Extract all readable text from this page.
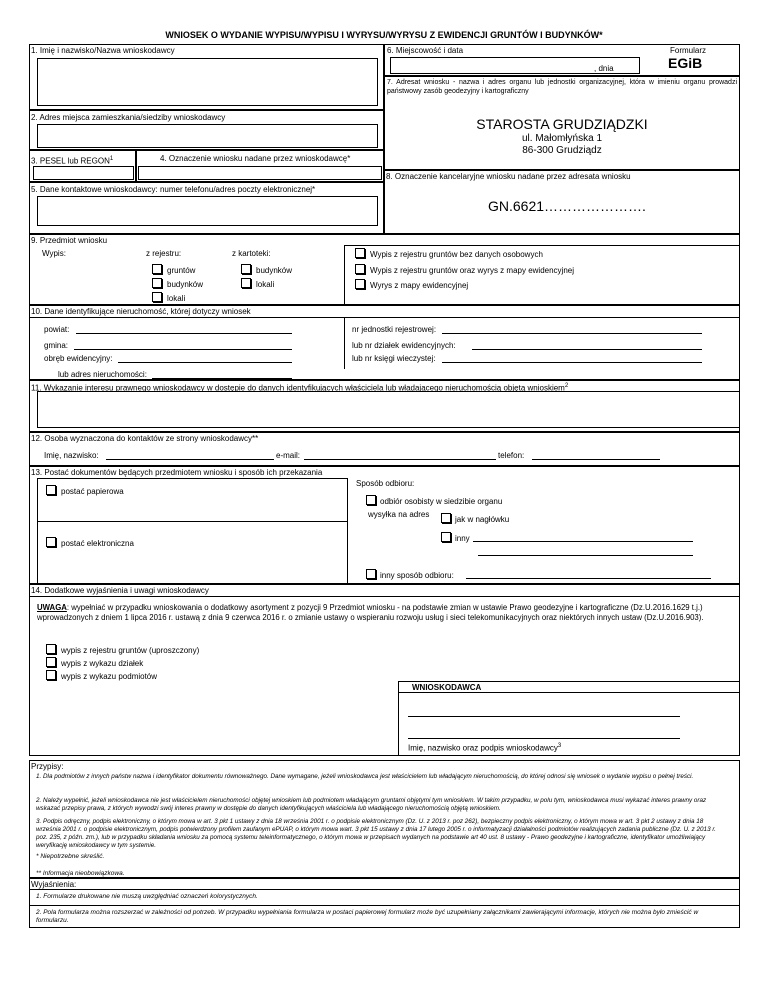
WNIOSEK O WYDANIE WYPISU/WYPISU I WYRYSU/WYRYSU Z EWIDENCJI GRUNTÓW I BUDYNKÓW*
1. Imię i nazwisko/Nazwa wnioskodawcy	6. Miejscowość i data
, dnia
Formularz
EGiB
7. Adresat wniosku - nazwa i adres organu lub jednostki organizacyjnej, która w imieniu organu prowadzi państwowy zasób geodezyjny i kartograficzny
STAROSTA GRUDZIĄDZKI
ul. Małomłyńska 1
86-300 Grudziądz
2. Adres miejsca zamieszkania/siedziby wnioskodawcy
3. PESEL lub REGON$^1$	4. Oznaczenie wniosku nadane przez wnioskodawcę*
8. Oznaczenie kancelaryjne wniosku nadane przez adresata wniosku
GN.6621………………….
5. Dane kontaktowe wnioskodawcy: numer telefonu/adres poczty elektronicznej*
9. Przedmiot wniosku
Wypis:	z rejestru:	z kartoteki:
gruntów
budynków
lokali
budynków
lokali
Wypis z rejestru gruntów bez danych osobowych
Wypis z rejestru gruntów oraz wyrys z mapy ewidencyjnej
Wyrys z mapy ewidencyjnej
10. Dane identyfikujące nieruchomość, której dotyczy wniosek
powiat:
gmina:
obręb ewidencyjny:
lub adres nieruchomości:
nr jednostki rejestrowej:
lub nr działek ewidencyjnych:
lub nr księgi wieczystej:
11. Wykazanie interesu prawnego wnioskodawcy w dostępie do danych identyfikujących właściciela lub władającego nieruchomością objętą wnioskiem$^2$
12. Osoba wyznaczona do kontaktów ze strony wnioskodawcy**
Imię, nazwisko:	e-mail:	telefon:
13. Postać dokumentów będących przedmiotem wniosku i sposób ich przekazania
postać papierowa
postać elektroniczna
Sposób odbioru:
odbiór osobisty w siedzibie organu
wysyłka na adres
jak w nagłówku
inny
inny sposób odbioru:
14. Dodatkowe wyjaśnienia i uwagi wnioskodawcy
UWAGA: wypełniać w przypadku wnioskowania o dodatkowy asortyment z pozycji 9 Przedmiot wniosku - na podstawie zmian w ustawie Prawo geodezyjne i kartograficzne (Dz.U.2016.1629 t.j.) wprowadzonych z dniem 1 lipca 2016 r. ustawą z dnia 9 czerwca 2016 r. o zmianie ustawy o wspieraniu rozwoju usług i sieci telekomunikacyjnych oraz niektórych innych ustaw (Dz.U.2016.903).
wypis z rejestru gruntów (uproszczony)
wypis z wykazu działek
wypis z wykazu podmiotów
WNIOSKODAWCA
Imię, nazwisko oraz podpis wnioskodawcy$^3$
Przypisy:
1. Dla podmiotów z innych państw nazwa i identyfikator dokumentu równoważnego. Dane wymagane, jeżeli wnioskodawca jest właścicielem lub władającym nieruchomością, do której odnosi się wniosek o wydanie wypisu o pełnej treści.
2. Należy wypełnić, jeżeli wnioskodawca nie jest właścicielem nieruchomości objętej wnioskiem lub podmiotem władającym gruntami objętymi tym wnioskiem. W takim przypadku, w polu tym, wnioskodawca musi wykazać interes prawny oraz wskazać przepisy prawa, z których wywodzi swój interes prawny w dostępie do danych identyfikujących właściciela lub władającego nieruchomością objętą wnioskiem.
3. Podpis odręczny, podpis elektroniczny, o którym mowa w art. 3 pkt 1 ustawy z dnia 18 września 2001 r. o podpisie elektronicznym (Dz. U. z 2013 r. poz 262), bezpieczny podpis elektroniczny, o którym mowa w art. 3 pkt 2 ustawy z dnia 18 września 2001 r. o podpisie elektronicznym, podpis potwierdzony profilem zaufanym ePUAP, o którym mowa wart. 3 pkt 15 ustawy z dnia 17 lutego 2005 r. o informatyzacji działalności podmiotów realizujących zadania publiczne (Dz. U. z 2013 r. poz. 235, z późn. zm.), lub w przypadku składania wniosku za pomocą systemu teleinformatycznego, o którym mowa w przepisach wydanych na podstawie art 40 ust. 8 ustawy - Prawo geodezyjne i kartograficzne, identyfikator umożliwiający weryfikację wnioskodawcy w tym systemie.
* Niepotrzebne skreślić.
** Informacja nieobowiązkowa.
Wyjaśnienia:
1. Formularze drukowane nie muszą uwzględniać oznaczeń kolorystycznych.
2. Pola formularza można rozszerzać w zależności od potrzeb. W przypadku wypełniania formularza w postaci papierowej formularz może być uzupełniany załącznikami zawierającymi informacje, których nie można było zmieścić w formularzu.
